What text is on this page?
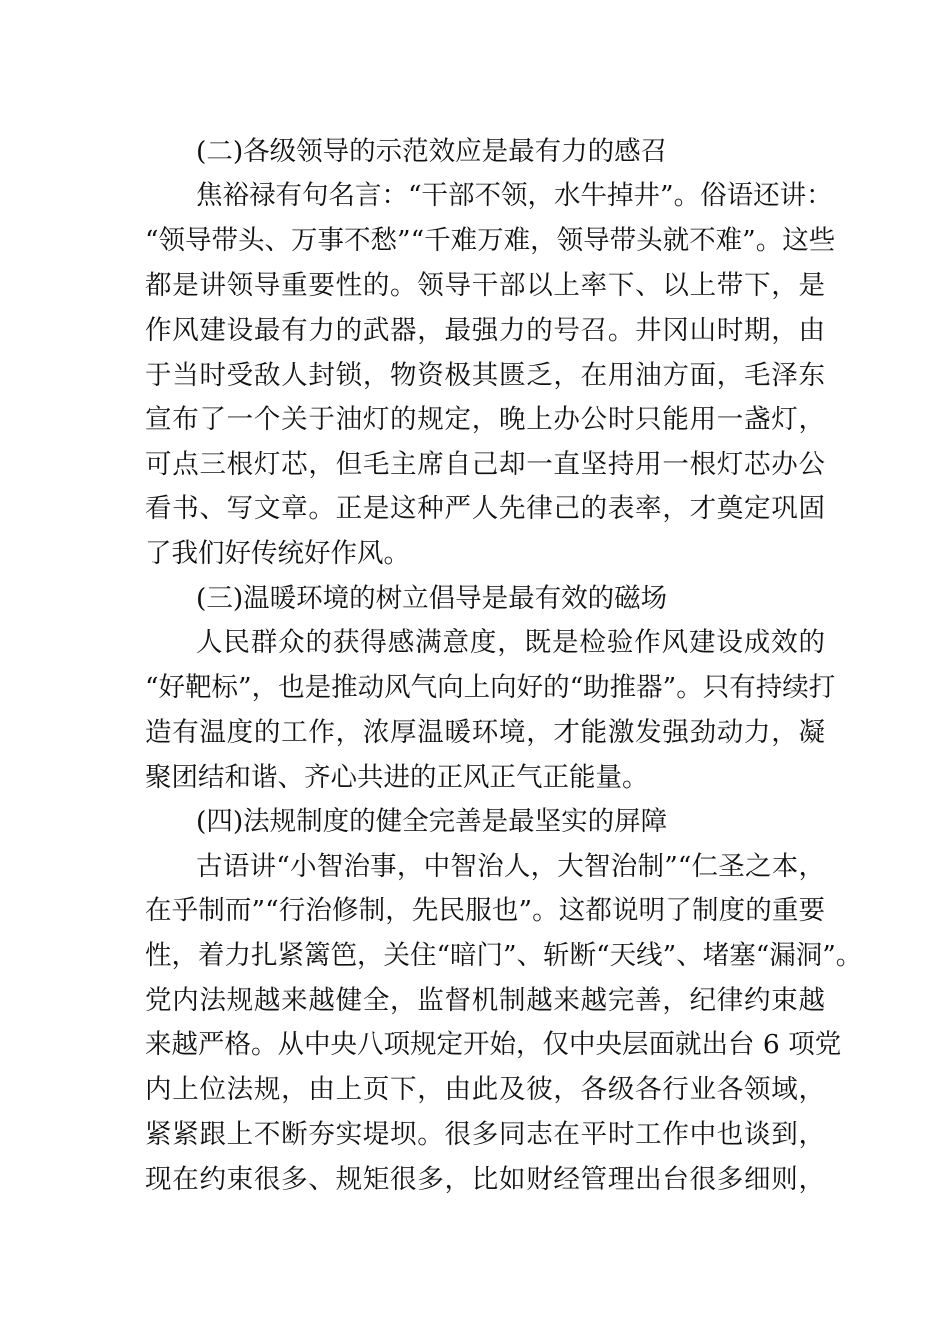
(二)各级领导的示范效应是最有力的感召
焦裕禄有句名言：“干部不领，水牛掉井”。俗语还讲：
“领导带头、万事不愁”“千难万难，领导带头就不难”。这些
都是讲领导重要性的。领导干部以上率下、以上带下，是
作风建设最有力的武器，最强力的号召。井冈山时期，由
于当时受敌人封锁，物资极其匮乏，在用油方面，毛泽东
宣布了一个关于油灯的规定，晚上办公时只能用一盏灯，
可点三根灯芯，但毛主席自己却一直坚持用一根灯芯办公
看书、写文章。正是这种严人先律己的表率，才奠定巩固
了我们好传统好作风。
(三)温暖环境的树立倡导是最有效的磁场
人民群众的获得感满意度，既是检验作风建设成效的
“好靶标”，也是推动风气向上向好的“助推器”。只有持续打
造有温度的工作，浓厚温暖环境，才能激发强劲动力，凝
聚团结和谐、齐心共进的正风正气正能量。
(四)法规制度的健全完善是最坚实的屏障
古语讲“小智治事，中智治人，大智治制”“仁圣之本，
在乎制而”“行治修制，先民服也”。这都说明了制度的重要
性，着力扎紧篱笆，关住“暗门”、斩断“天线”、堵塞“漏洞”。
党内法规越来越健全，监督机制越来越完善，纪律约束越
来越严格。从中央八项规定开始，仅中央层面就出台 6 项党
内上位法规，由上页下，由此及彼，各级各行业各领域，
紧紧跟上不断夯实堤坝。很多同志在平时工作中也谈到，
现在约束很多、规矩很多，比如财经管理出台很多细则，
